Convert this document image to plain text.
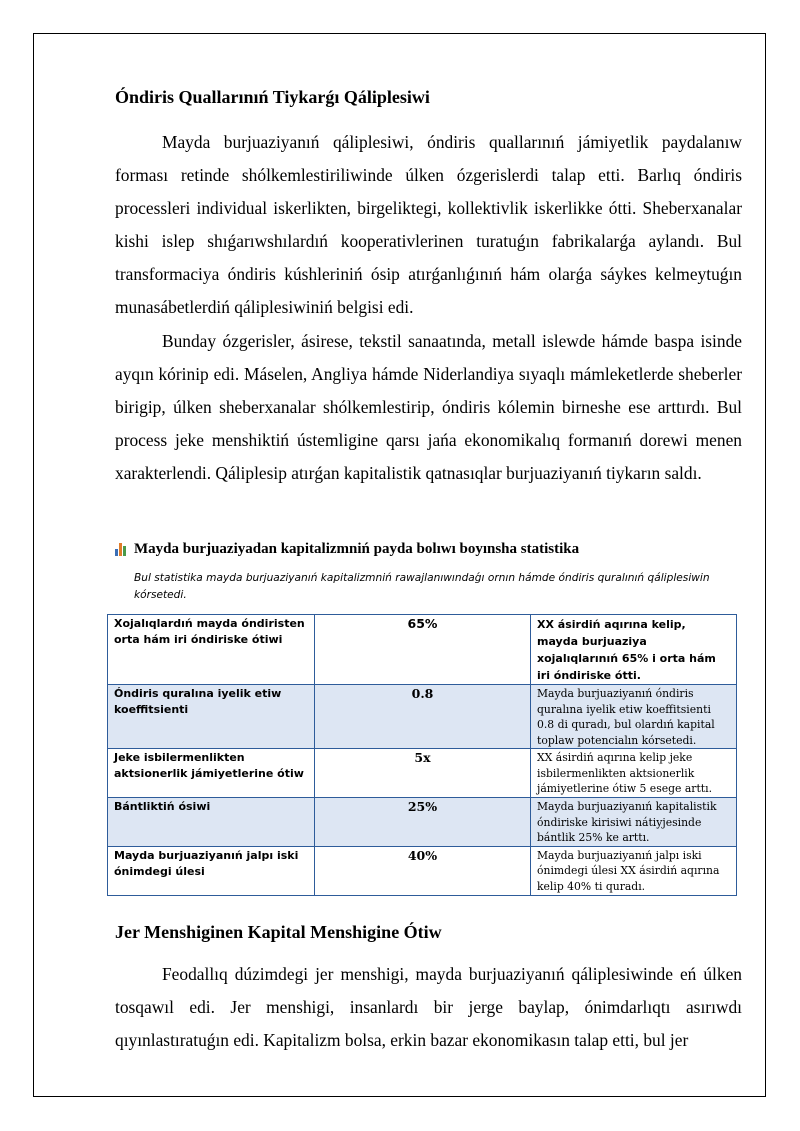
Óndiris Quallarınıń Tiykarǵı Qáliplesiwi

Mayda burjuaziyanıń qáliplesiwi, óndiris quallarınıń jámiyetlik paydalanıw forması retinde shólkemlestiriliwinde úlken ózgerislerdi talap etti. Barlıq óndiris processleri individual iskerlikten, birgeliktegi, kollektivlik iskerlikke ótti. Sheberxanalar kishi islep shıǵarıwshılardıń kooperativlerinen turatuǵın fabrikalarǵa aylandı. Bul transformaciya óndiris kúshleriniń ósip atırǵanlıǵınıń hám olarǵa sáykes kelmeytuǵın munasábetlerdiń qáliplesiwiniń belgisi edi.

Bunday ózgerisler, ásirese, tekstil sanaatında, metall islewde hámde baspa isinde ayqın kórinip edi. Máselen, Angliya hámde Niderlandiya sıyaqlı mámleketlerde sheberler birigip, úlken sheberxanalar shólkemlestirip, óndiris kólemin birneshe ese arttırdı. Bul process jeke menshiktiń ústemligine qarsı jańa ekonomikalıq formanıń dorewi menen xarakterlendi. Qáliplesip atırǵan kapitalistik qatnasıqlar burjuaziyanıń tiykarın saldı.

Mayda burjuaziyadan kapitalizmniń payda bolıwı boyınsha statistika

Bul statistika mayda burjuaziyanıń kapitalizmniń rawajlanıwındaǵı ornın hámde óndiris quralınıń qáliplesiwin kórsetedi.

Xojalıqlardıń mayda óndiristen orta hám iri óndiriske ótiwi	65%	XX ásirdiń aqırına kelip, mayda burjuaziya xojalıqlarınıń 65% i orta hám iri óndiriske ótti.
Óndiris quralına iyelik etiw koeffitsienti	0.8	Mayda burjuaziyanıń óndiris quralına iyelik etiw koeffitsienti 0.8 di quradı, bul olardıń kapital toplaw potencialın kórsetedi.
Jeke isbilermenlikten aktsionerlik jámiyetlerine ótiw	5x	XX ásirdiń aqırına kelip jeke isbilermenlikten aktsionerlik jámiyetlerine ótiw 5 esege arttı.
Bántliktiń ósiwi	25%	Mayda burjuaziyanıń kapitalistik óndiriske kirisiwi nátiyjesinde bántlik 25% ke arttı.
Mayda burjuaziyanıń jalpı iski ónimdegi úlesi	40%	Mayda burjuaziyanıń jalpı iski ónimdegi úlesi XX ásirdiń aqırına kelip 40% ti quradı.
Jer Menshiginen Kapital Menshigine Ótiw

Feodallıq dúzimdegi jer menshigi, mayda burjuaziyanıń qáliplesiwinde eń úlken tosqawıl edi. Jer menshigi, insanlardı bir jerge baylap, ónimdarlıqtı asırıwdı qıyınlastıratuǵın edi. Kapitalizm bolsa, erkin bazar ekonomikasın talap etti, bul jer
